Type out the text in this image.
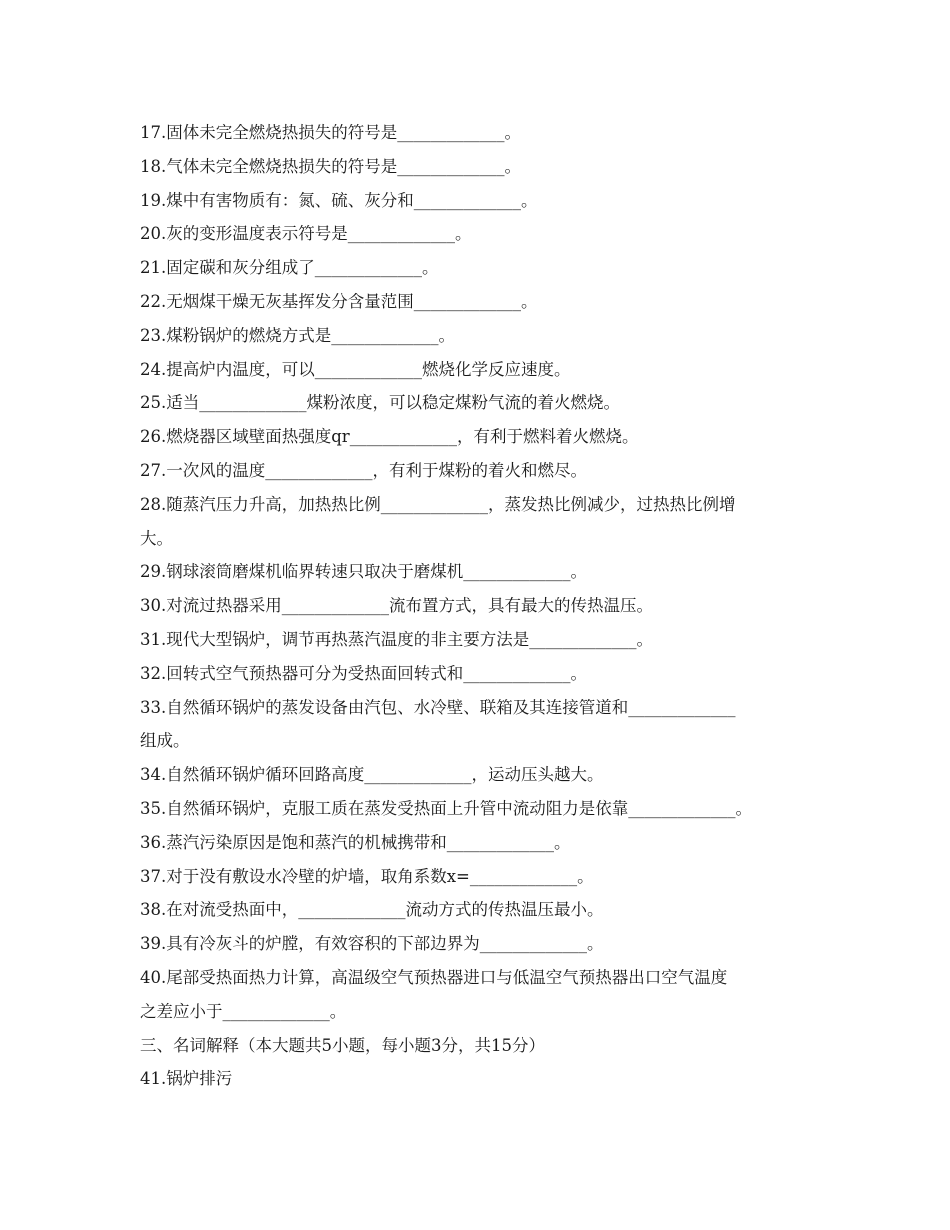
17.固体未完全燃烧热损失的符号是_____________。
18.气体未完全燃烧热损失的符号是_____________。
19.煤中有害物质有：氮、硫、灰分和_____________。
20.灰的变形温度表示符号是_____________。
21.固定碳和灰分组成了_____________。
22.无烟煤干燥无灰基挥发分含量范围_____________。
23.煤粉锅炉的燃烧方式是_____________。
24.提高炉内温度，可以_____________燃烧化学反应速度。
25.适当_____________煤粉浓度，可以稳定煤粉气流的着火燃烧。
26.燃烧器区域壁面热强度qr_____________，有利于燃料着火燃烧。
27.一次风的温度_____________，有利于煤粉的着火和燃尽。
28.随蒸汽压力升高，加热热比例_____________，蒸发热比例减少，过热热比例增
大。
29.钢球滚筒磨煤机临界转速只取决于磨煤机_____________。
30.对流过热器采用_____________流布置方式，具有最大的传热温压。
31.现代大型锅炉，调节再热蒸汽温度的非主要方法是_____________。
32.回转式空气预热器可分为受热面回转式和_____________。
33.自然循环锅炉的蒸发设备由汽包、水冷壁、联箱及其连接管道和_____________
组成。
34.自然循环锅炉循环回路高度_____________，运动压头越大。
35.自然循环锅炉，克服工质在蒸发受热面上升管中流动阻力是依靠_____________。
36.蒸汽污染原因是饱和蒸汽的机械携带和_____________。
37.对于没有敷设水冷壁的炉墙，取角系数x=_____________。
38.在对流受热面中，_____________流动方式的传热温压最小。
39.具有冷灰斗的炉膛，有效容积的下部边界为_____________。
40.尾部受热面热力计算，高温级空气预热器进口与低温空气预热器出口空气温度
之差应小于_____________。
三、名词解释（本大题共5小题，每小题3分，共15分）
41.锅炉排污
